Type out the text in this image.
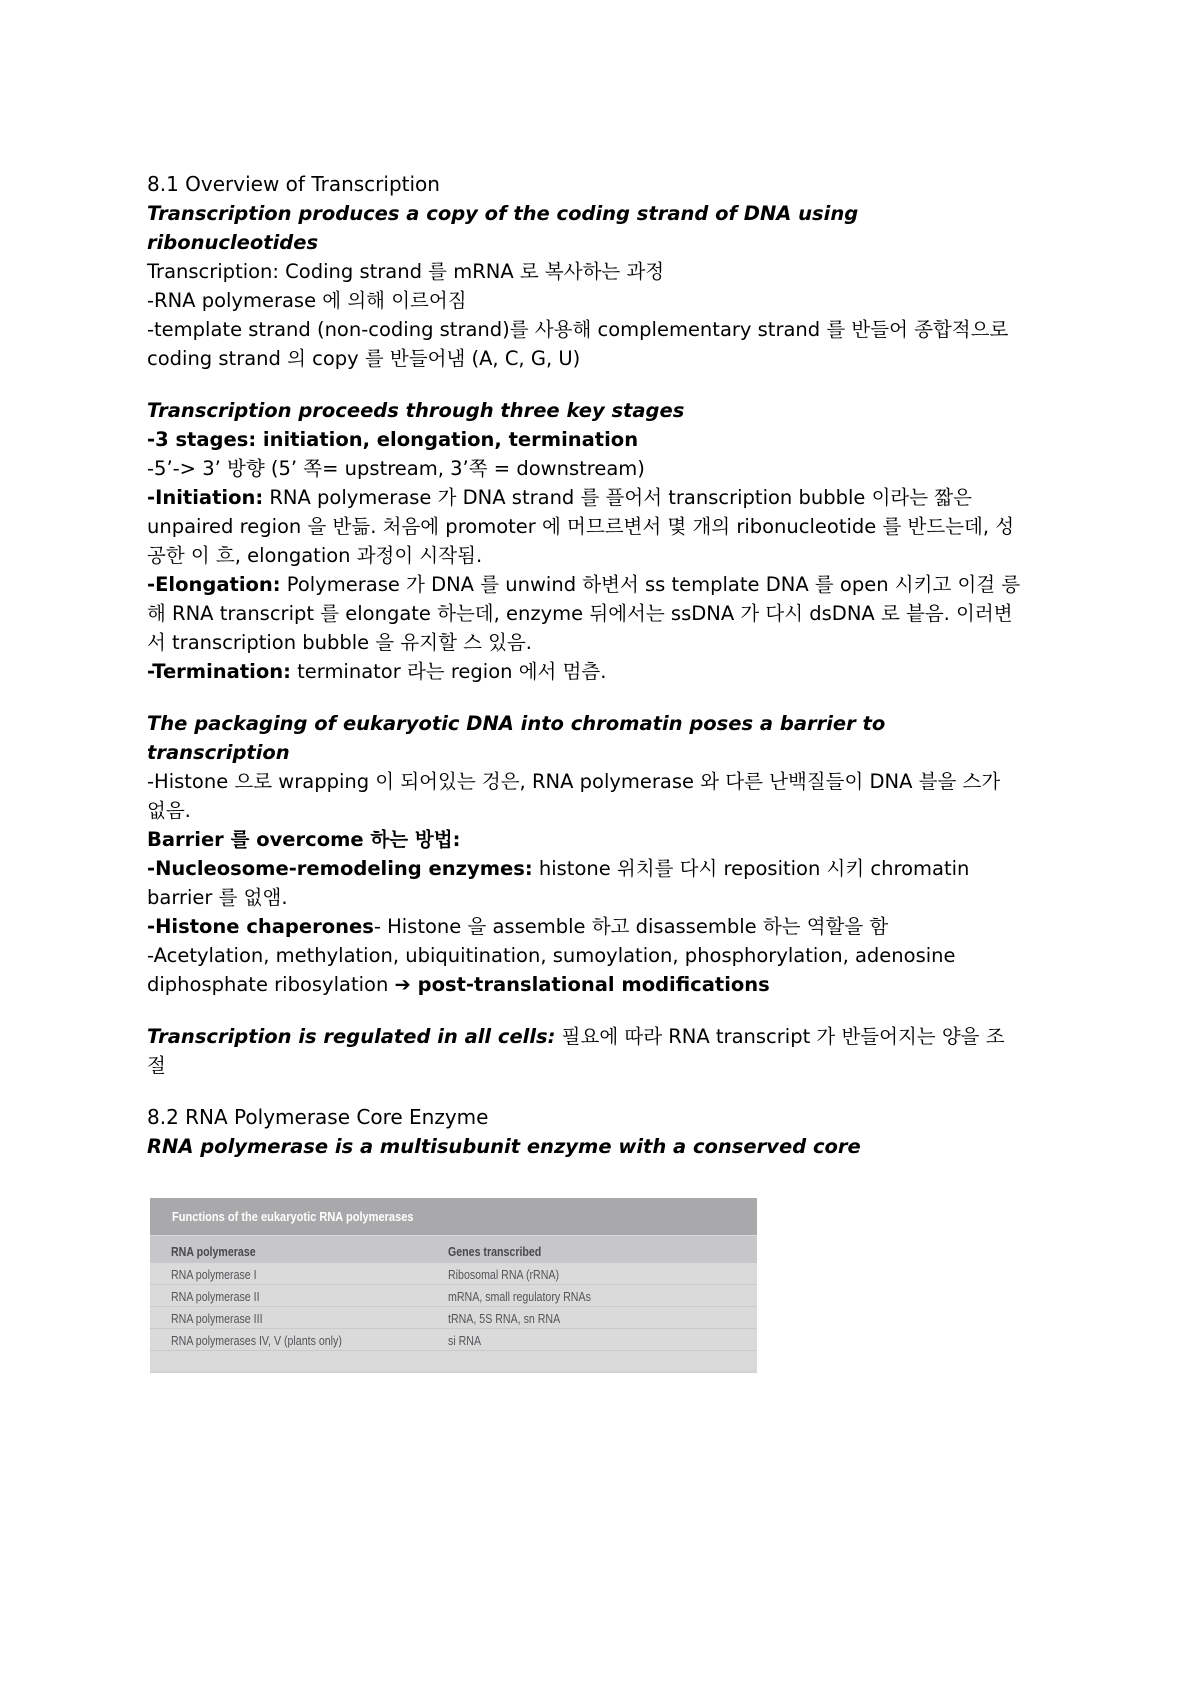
8.1 Overview of Transcription
Transcription produces a copy of the coding strand of DNA using
ribonucleotides
Transcription: Coding strand 를 mRNA 로 복사하는 과정
-RNA polymerase 에 의해 이르어짐
-template strand (non-coding strand)를 사용해 complementary strand 를 반들어 종합적으로
coding strand 의 copy 를 반들어냄 (A, C, G, U)
Transcription proceeds through three key stages
-3 stages: initiation, elongation, termination
-5’-> 3’ 방향 (5’ 쪽= upstream, 3’쪽 = downstream)
-Initiation: RNA polymerase 가 DNA strand 를 플어서 transcription bubble 이라는 짧은
unpaired region 을 반듦. 처음에 promoter 에 머므르변서 몇 개의 ribonucleotide 를 반드는데, 성
공한 이 흐, elongation 과정이 시작됨.
-Elongation: Polymerase 가 DNA 를 unwind 하변서 ss template DNA 를 open 시키고 이걸 릉
해 RNA transcript 를 elongate 하는데, enzyme 뒤에서는 ssDNA 가 다시 dsDNA 로 븥음. 이러변
서 transcription bubble 을 유지할 스 있음.
-Termination: terminator 라는 region 에서 멈츰.
The packaging of eukaryotic DNA into chromatin poses a barrier to
transcription
-Histone 으로 wrapping 이 되어있는 겅은, RNA polymerase 와 다른 난백질들이 DNA 블을 스가
없음.
Barrier 를 overcome 하는 방법:
-Nucleosome-remodeling enzymes: histone 위치를 다시 reposition 시키 chromatin
barrier 를 없앰.
-Histone chaperones- Histone 을 assemble 하고 disassemble 하는 역할을 함
-Acetylation, methylation, ubiquitination, sumoylation, phosphorylation, adenosine
diphosphate ribosylation ➔ post-translational modifications
Transcription is regulated in all cells: 필요에 따라 RNA transcript 가 반들어지는 양을 조
절
8.2 RNA Polymerase Core Enzyme
RNA polymerase is a multisubunit enzyme with a conserved core
Functions of the eukaryotic RNA polymerases
RNA polymerase	Genes transcribed
RNA polymerase I	Ribosomal RNA (rRNA)
RNA polymerase II	mRNA, small regulatory RNAs
RNA polymerase III	tRNA, 5S RNA, sn RNA
RNA polymerases IV, V (plants only)	si RNA
